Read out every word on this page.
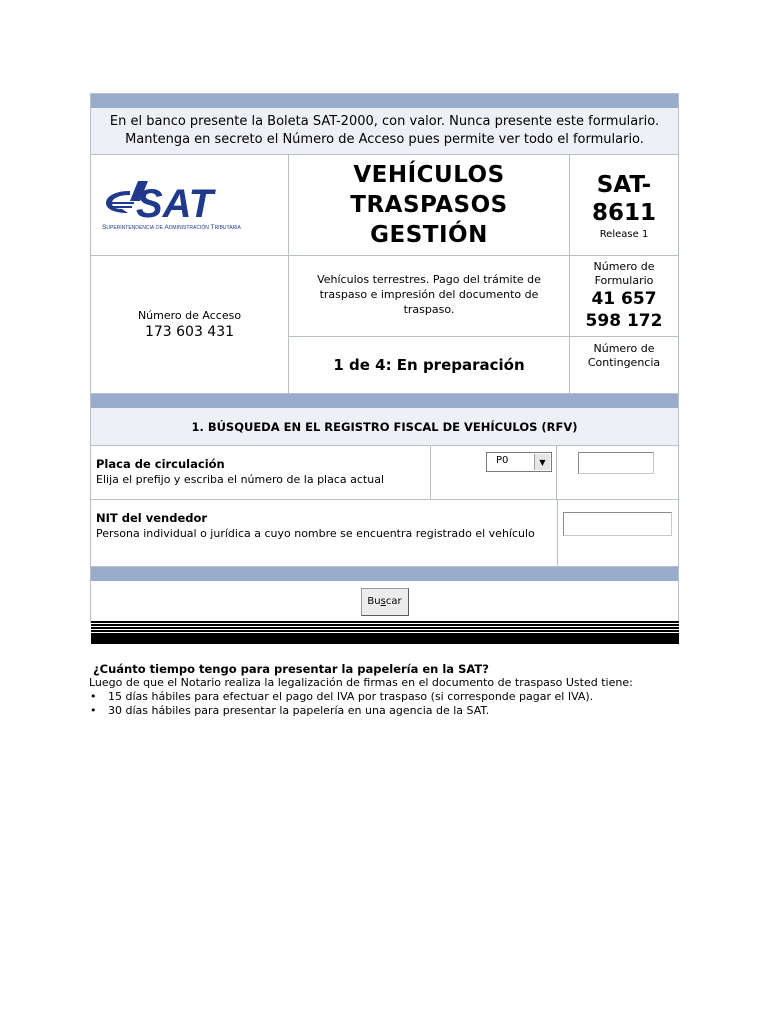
En el banco presente la Boleta SAT-2000, con valor. Nunca presente este formulario.
Mantenga en secreto el Número de Acceso pues permite ver todo el formulario.
SAT
Superintendencia de Administración Tributaria
VEHÍCULOS
TRASPASOS
GESTIÓN
SAT-
8611
Release 1
Número de Acceso
173 603 431
Vehículos terrestres. Pago del trámite de traspaso e impresión del documento de traspaso.
1 de 4: En preparación
Número de
Formulario
41 657
598 172
Número de
Contingencia
1. BÚSQUEDA EN EL REGISTRO FISCAL DE VEHÍCULOS (RFV)
Placa de circulación
Elija el prefijo y escriba el número de la placa actual
P0	▼
NIT del vendedor
Persona individual o jurídica a cuyo nombre se encuentra registrado el vehículo
Bu s car
¿Cuánto tiempo tengo para presentar la papelería en la SAT?
Luego de que el Notario realiza la legalización de firmas en el documento de traspaso Usted tiene:
• 15 días hábiles para efectuar el pago del IVA por traspaso (si corresponde pagar el IVA).
• 30 días hábiles para presentar la papelería en una agencia de la SAT.
